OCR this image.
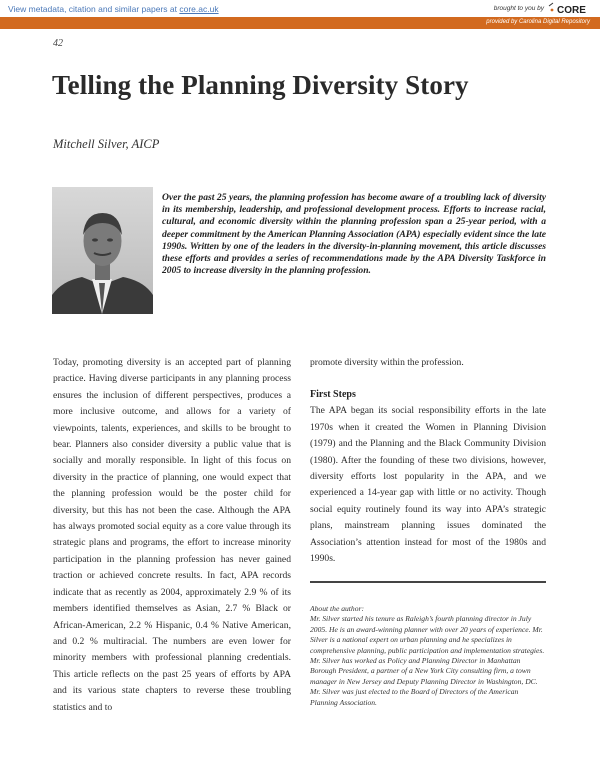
View metadata, citation and similar papers at core.ac.uk	brought to you by CORE
provided by Carolina Digital Repository
42
Telling the Planning Diversity Story
Mitchell Silver, AICP
Over the past 25 years, the planning profession has become aware of a troubling lack of diversity in its membership, leadership, and professional development process. Efforts to increase racial, cultural, and economic diversity within the planning profession span a 25-year period, with a deeper commitment by the American Planning Association (APA) especially evident since the late 1990s. Written by one of the leaders in the diversity-in-planning movement, this article discusses these efforts and provides a series of recommendations made by the APA Diversity Taskforce in 2005 to increase diversity in the planning profession.

Today, promoting diversity is an accepted part of planning practice. Having diverse participants in any planning process ensures the inclusion of different perspectives, produces a more inclusive outcome, and allows for a variety of viewpoints, talents, experiences, and skills to be brought to bear. Planners also consider diversity a public value that is socially and morally responsible. In light of this focus on diversity in the practice of planning, one would expect that the planning profession would be the poster child for diversity, but this has not been the case. Although the APA has always promoted social equity as a core value through its strategic plans and programs, the effort to increase minority participation in the planning profession has never gained traction or achieved concrete results. In fact, APA records indicate that as recently as 2004, approximately 2.9 % of its members identified themselves as Asian, 2.7 % Black or African-American, 2.2 % Hispanic, 0.4 % Native American, and 0.2 % multiracial. The numbers are even lower for minority members with professional planning credentials. This article reflects on the past 25 years of efforts by APA and its various state chapters to reverse these troubling statistics and to

promote diversity within the profession.

First Steps

The APA began its social responsibility efforts in the late 1970s when it created the Women in Planning Division (1979) and the Planning and the Black Community Division (1980). After the founding of these two divisions, however, diversity efforts lost popularity in the APA, and we experienced a 14-year gap with little or no activity. Though social equity routinely found its way into APA’s strategic plans, mainstream planning issues dominated the Association’s attention instead for most of the 1980s and 1990s.

About the author:
Mr. Silver started his tenure as Raleigh’s fourth planning director in July 2005. He is an award-winning planner with over 20 years of experience. Mr. Silver is a national expert on urban planning and he specializes in comprehensive planning, public participation and implementation strategies. Mr. Silver has worked as Policy and Planning Director in Manhattan Borough President, a partner of a New York City consulting firm, a town manager in New Jersey and Deputy Planning Director in Washington, DC. Mr. Silver was just elected to the Board of Directors of the American Planning Association.
